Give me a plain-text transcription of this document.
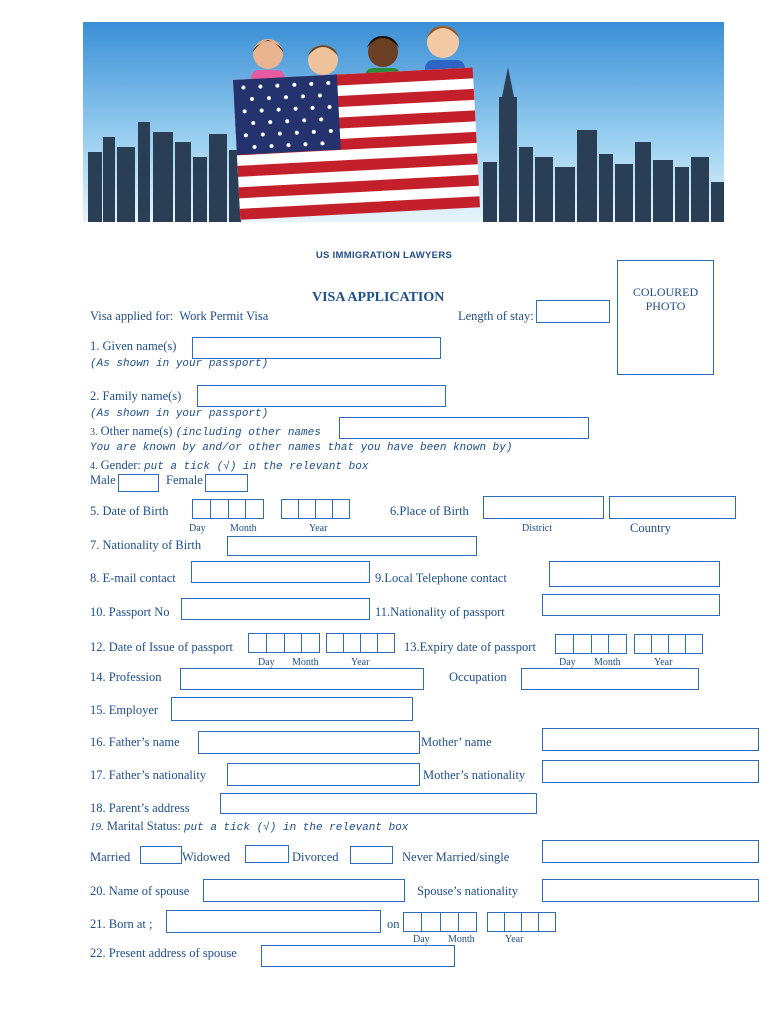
US IMMIGRATION LAWYERS
VISA APPLICATION	COLOURED
PHOTO
Visa applied for: Work Permit Visa	Length of stay:
1. Given name(s)
(As shown in your passport)
2. Family name(s)
(As shown in your passport)
3. Other name(s) (including other names
You are known by and/or other names that you have been known by)
4. Gender: put a tick (√) in the relevant box
Male	Female
5. Date of Birth
Day Month	Year
6.Place of Birth
District	Country
7. Nationality of Birth
8. E-mail contact	9.Local Telephone contact
10. Passport No	11.Nationality of passport
12. Date of Issue of passport
Day Month	Year
13.Expiry date of passport
Day Month	Year
14. Profession	Occupation
15. Employer
16. Father’s name	Mother’ name
17. Father’s nationality	Mother’s nationality
18. Parent’s address
19. Marital Status: put a tick (√) in the relevant box
Married	Widowed	Divorced	Never Married/single
20. Name of spouse	Spouse’s nationality
21. Born at ;	on
Day Month	Year
22. Present address of spouse
